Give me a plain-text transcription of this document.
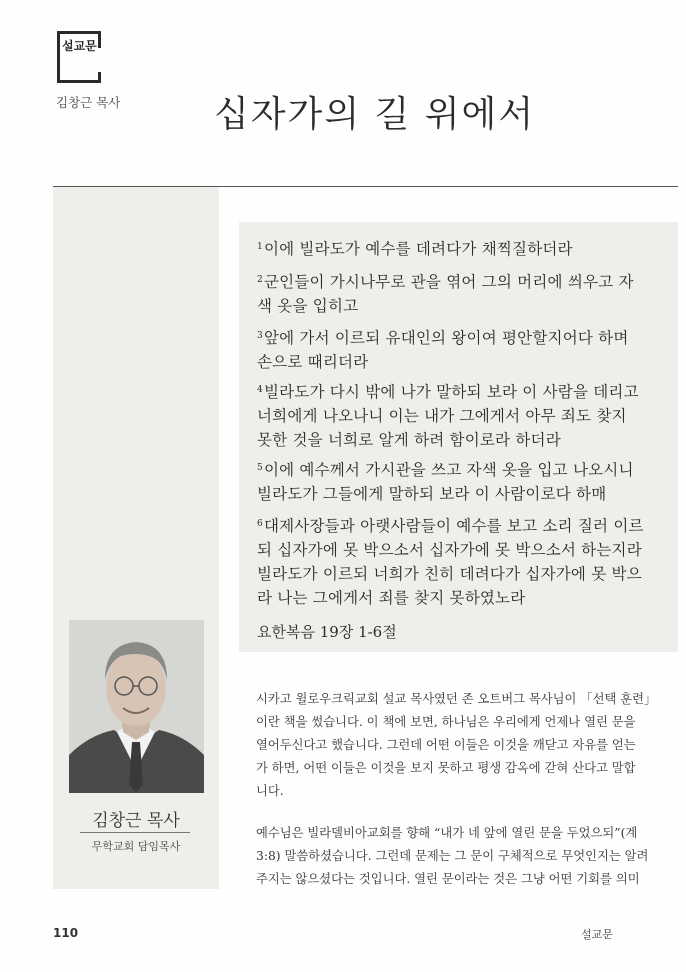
설교문
김창근 목사	십자가의 길 위에서
김창근 목사
무학교회 담임목사
$^1$이에 빌라도가 예수를 데려다가 채찍질하더라
$^2$군인들이 가시나무로 관을 엮어 그의 머리에 씌우고 자
색 옷을 입히고
$^3$앞에 가서 이르되 유대인의 왕이여 평안할지어다 하며
손으로 때리더라
$^4$빌라도가 다시 밖에 나가 말하되 보라 이 사람을 데리고
너희에게 나오나니 이는 내가 그에게서 아무 죄도 찾지
못한 것을 너희로 알게 하려 함이로라 하더라
$^5$이에 예수께서 가시관을 쓰고 자색 옷을 입고 나오시니
빌라도가 그들에게 말하되 보라 이 사람이로다 하매
$^6$대제사장들과 아랫사람들이 예수를 보고 소리 질러 이르
되 십자가에 못 박으소서 십자가에 못 박으소서 하는지라
빌라도가 이르되 너희가 친히 데려다가 십자가에 못 박으
라 나는 그에게서 죄를 찾지 못하였노라
요한복음 19장 1-6절
시카고 윌로우크릭교회 설교 목사였던 존 오트버그 목사님이 「선택 훈련」
이란 책을 썼습니다. 이 책에 보면, 하나님은 우리에게 언제나 열린 문을
열어두신다고 했습니다. 그런데 어떤 이들은 이것을 깨닫고 자유를 얻는
가 하면, 어떤 이들은 이것을 보지 못하고 평생 감옥에 갇혀 산다고 말합
니다.
예수님은 빌라델비아교회를 향해 “내가 네 앞에 열린 문을 두었으되”(계
3:8) 말씀하셨습니다. 그런데 문제는 그 문이 구체적으로 무엇인지는 알려
주지는 않으셨다는 것입니다. 열린 문이라는 것은 그냥 어떤 기회를 의미
110	설교문
